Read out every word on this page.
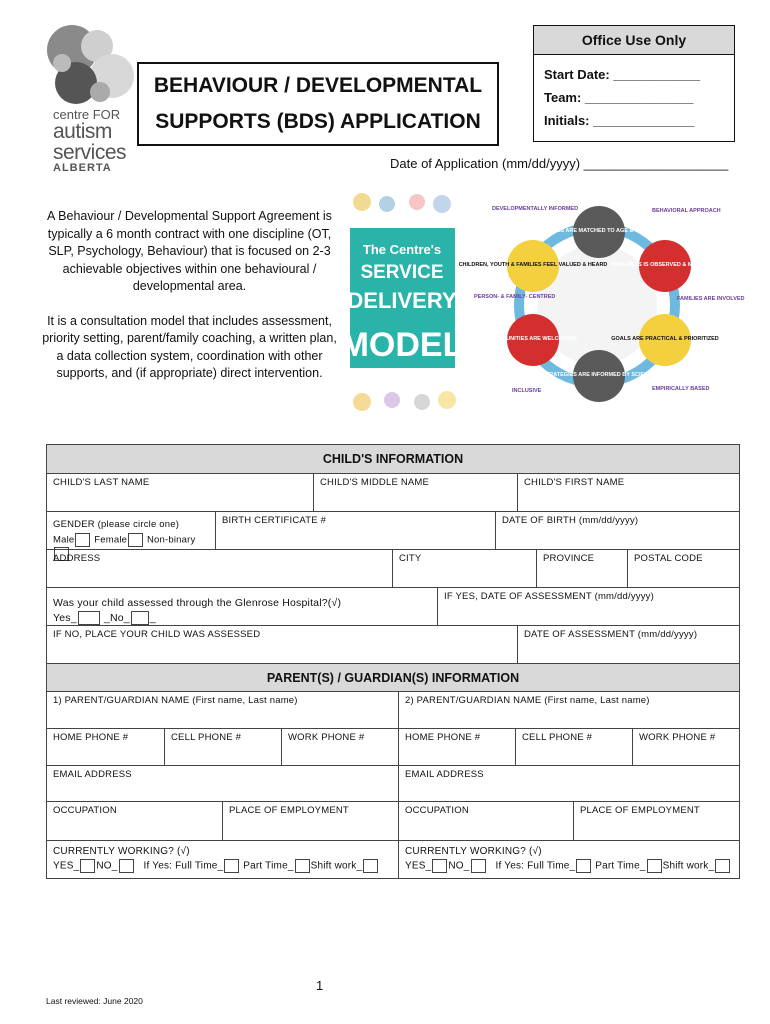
centre FOR
autism
services
ALBERTA
BEHAVIOUR / DEVELOPMENTAL
SUPPORTS (BDS) APPLICATION
Office Use Only
Start Date: ____________
Team: _______________
Initials: ______________
Date of Application (mm/dd/yyyy) ____________________

A Behaviour / Developmental Support Agreement is typically a 6 month contract with one discipline (OT, SLP, Psychology, Behaviour) that is focused on 2-3 achievable objectives within one behavioural / developmental area.

It is a consultation model that includes assessment, priority setting, parent/family coaching, a written plan, a data collection system, coordination with other supports, and (if appropriate) direct intervention.

The Centre's
SERVICE
DELIVERY
MODEL
SKILLS ARE MATCHED TO AGE & STAGE
PROGRESS IS OBSERVED & MEASURED
GOALS ARE PRACTICAL & PRIORITIZED
STRATEGIES ARE INFORMED BY SCIENCE
COMMUNITIES ARE WELCOMING
CHILDREN, YOUTH & FAMILIES FEEL VALUED & HEARD
DEVELOPMENTALLY INFORMED	BEHAVIORAL APPROACH
PERSON- & FAMILY- CENTRED	FAMILIES ARE INVOLVED
INCLUSIVE	EMPIRICALLY BASED
CHILD'S INFORMATION
CHILD'S LAST NAME	CHILD'S MIDDLE NAME	CHILD'S FIRST NAME
GENDER (please circle one)
Male Female Non-binary
BIRTH CERTIFICATE #	DATE OF BIRTH (mm/dd/yyyy)
ADDRESS	CITY	PROVINCE	POSTAL CODE
Was your child assessed through the Glenrose Hospital?(√)
Yes_ _No_ _
IF YES, DATE OF ASSESSMENT (mm/dd/yyyy)
IF NO, PLACE YOUR CHILD WAS ASSESSED	DATE OF ASSESSMENT (mm/dd/yyyy)
PARENT(S) / GUARDIAN(S) INFORMATION
1) PARENT/GUARDIAN NAME (First name, Last name)	2) PARENT/GUARDIAN NAME (First name, Last name)
HOME PHONE #	CELL PHONE #	WORK PHONE #	HOME PHONE #	CELL PHONE #	WORK PHONE #
EMAIL ADDRESS	EMAIL ADDRESS
OCCUPATION	PLACE OF EMPLOYMENT	OCCUPATION	PLACE OF EMPLOYMENT
CURRENTLY WORKING? (√)
YES_ NO_	If Yes: Full Time_ Part Time_ Shift work_
CURRENTLY WORKING? (√)
YES_ NO_	If Yes: Full Time_ Part Time_ Shift work_
1
Last reviewed: June 2020
